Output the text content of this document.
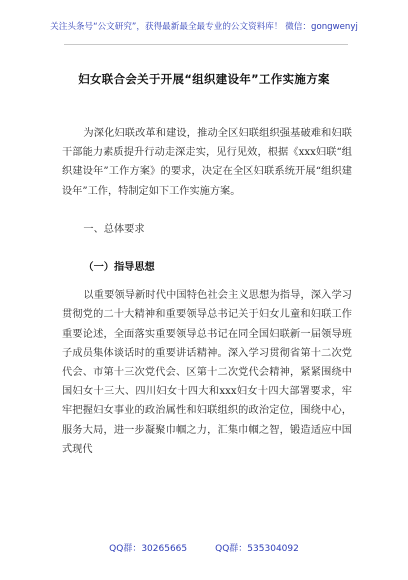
关注头条号“公文研究”，获得最新最全最专业的公文资料库！ 微信：gongwenyj
妇女联合会关于开展“组织建设年”工作实施方案

为深化妇联改革和建设，推动全区妇联组织强基破难和妇联干部能力素质提升行动走深走实，见行见效，根据《xxx妇联“组织建设年”工作方案》的要求，决定在全区妇联系统开展“组织建设年”工作，特制定如下工作实施方案。

一、总体要求

（一）指导思想

以重要领导新时代中国特色社会主义思想为指导，深入学习贯彻党的二十大精神和重要领导总书记关于妇女儿童和妇联工作重要论述，全面落实重要领导总书记在同全国妇联新一届领导班子成员集体谈话时的重要讲话精神。深入学习贯彻省第十二次党代会、市第十三次党代会、区第十二次党代会精神，紧紧围绕中国妇女十三大、四川妇女十四大和xxx妇女十四大部署要求，牢牢把握妇女事业的政治属性和妇联组织的政治定位，围绕中心，服务大局，进一步凝聚巾帼之力，汇集巾帼之智，锻造适应中国式现代

QQ群：30265665	QQ群：535304092
